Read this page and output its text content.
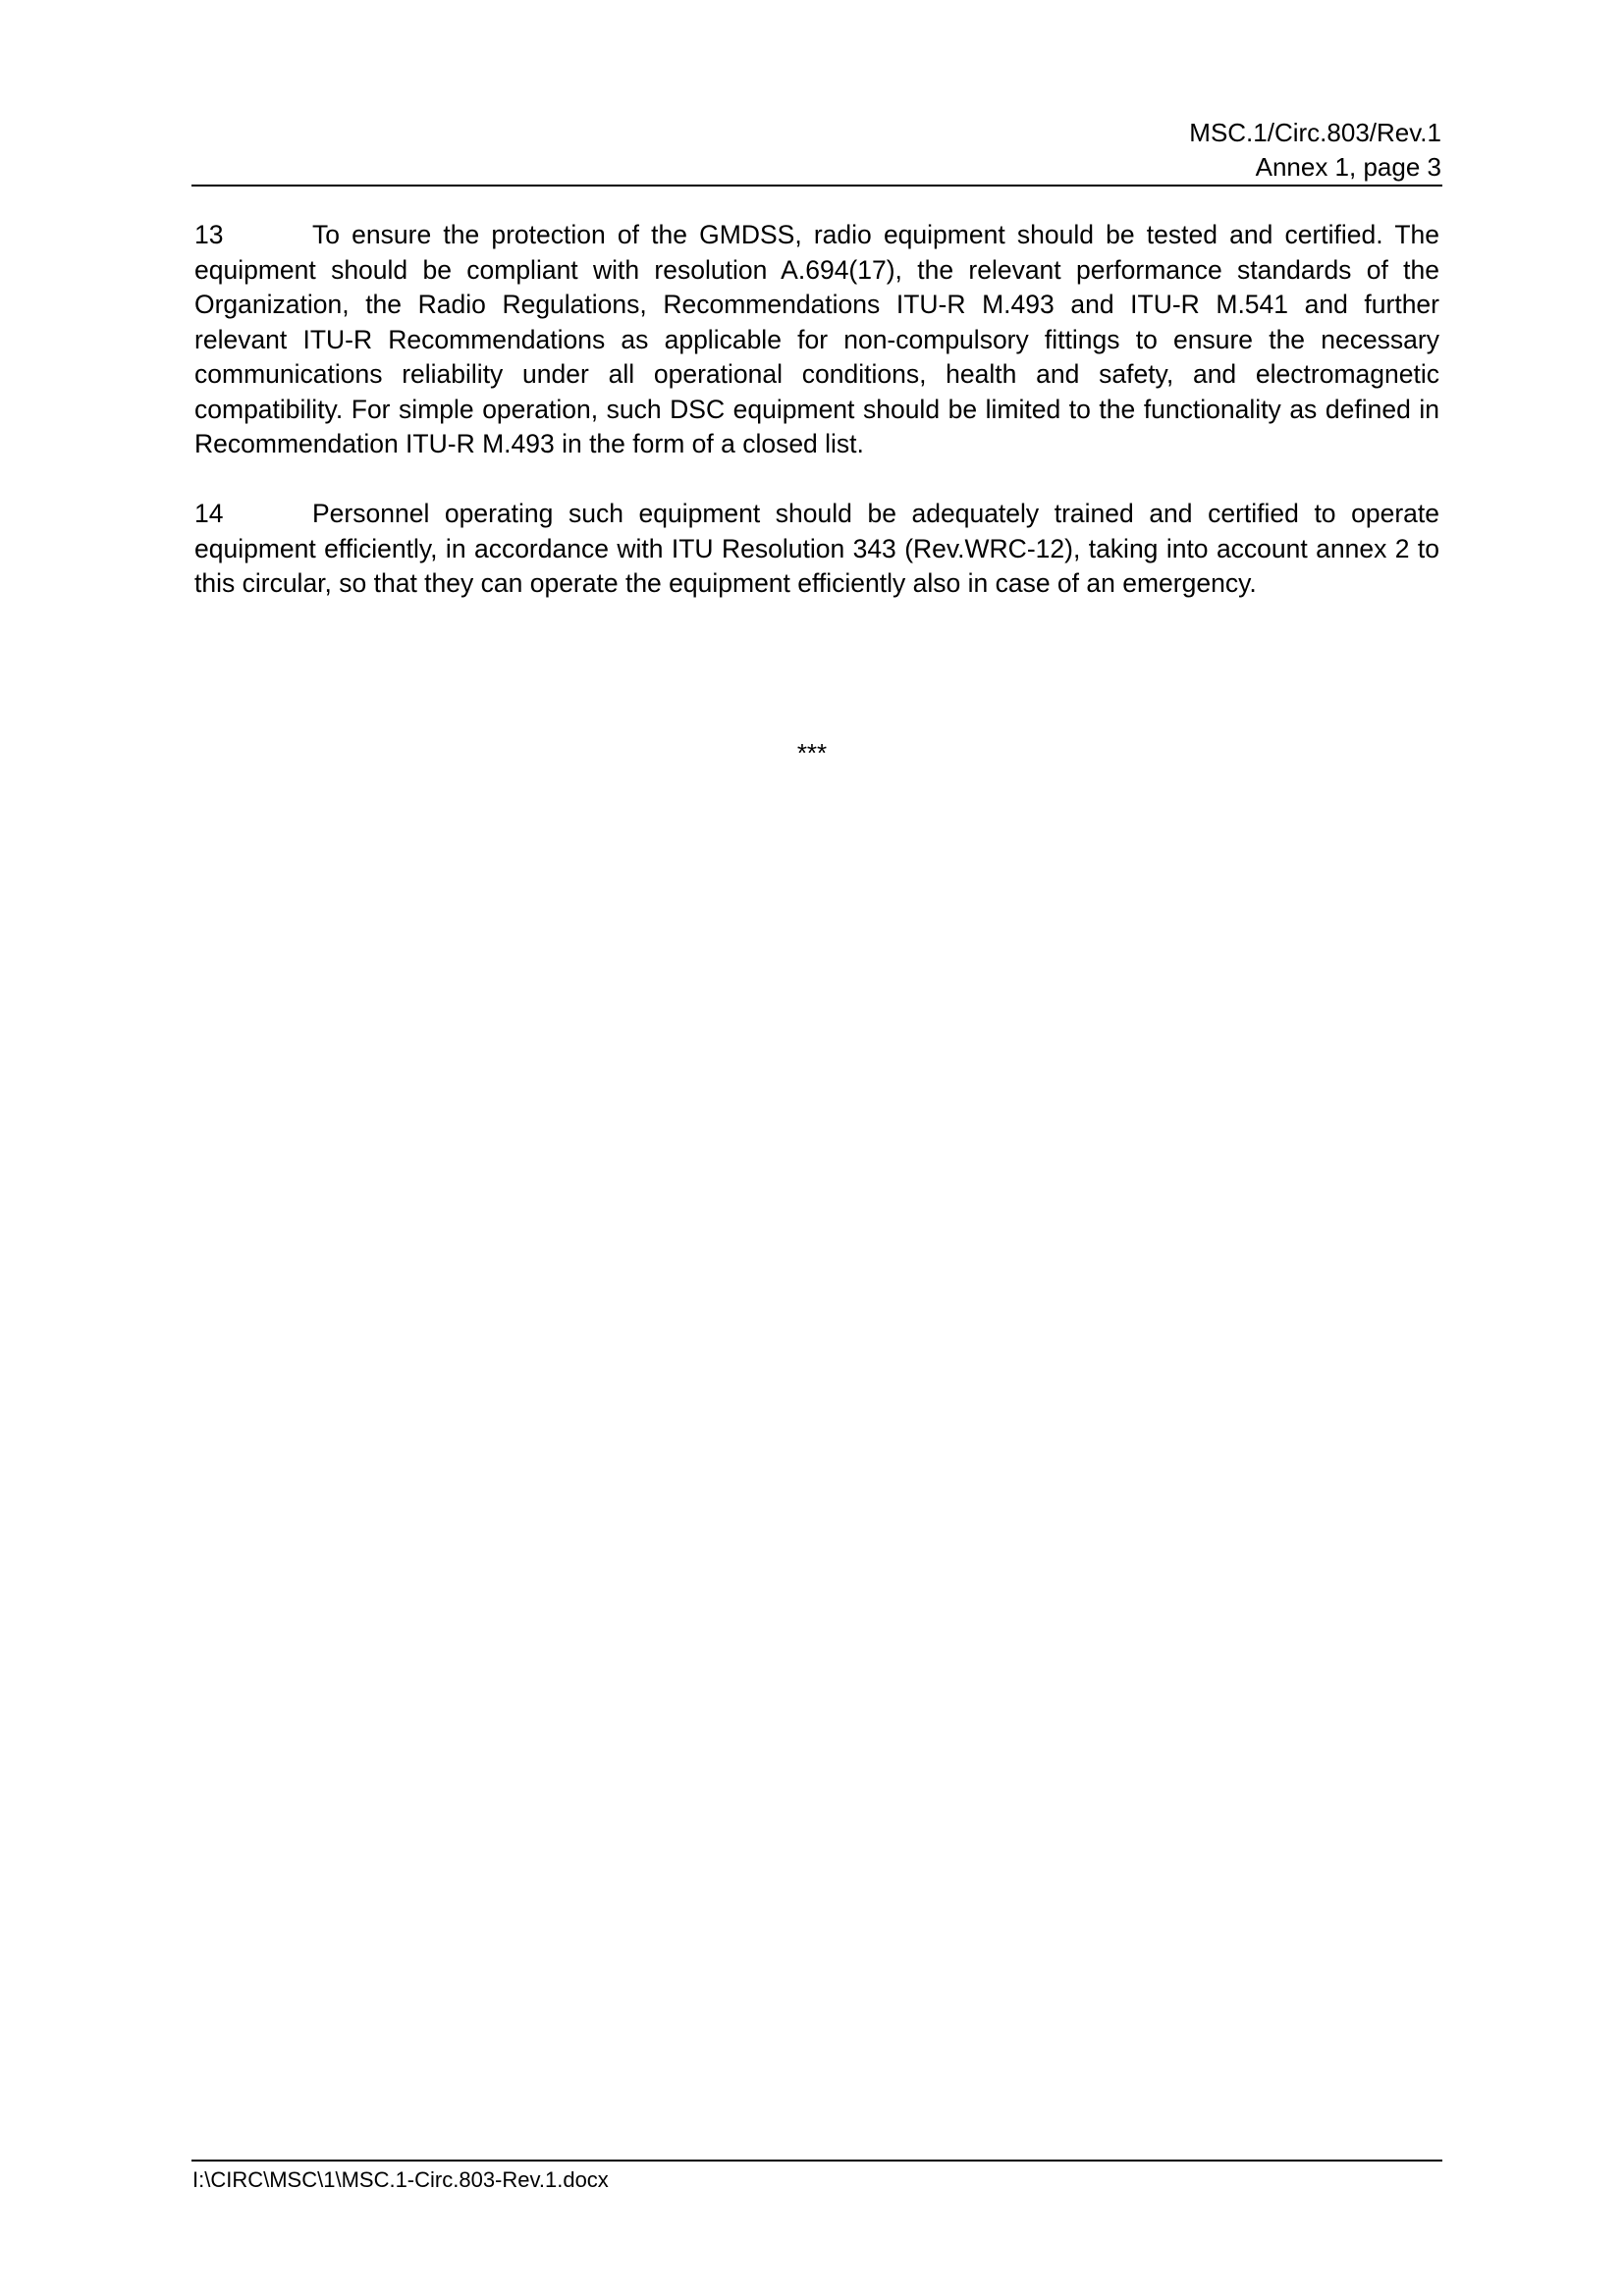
MSC.1/Circ.803/Rev.1
Annex 1, page 3

13	To ensure the protection of the GMDSS, radio equipment should be tested and certified. The equipment should be compliant with resolution A.694(17), the relevant performance standards of the Organization, the Radio Regulations, Recommendations ITU-R M.493 and ITU-R M.541 and further relevant ITU-R Recommendations as applicable for non-compulsory fittings to ensure the necessary communications reliability under all operational conditions, health and safety, and electromagnetic compatibility. For simple operation, such DSC equipment should be limited to the functionality as defined in Recommendation ITU-R M.493 in the form of a closed list.

14	Personnel operating such equipment should be adequately trained and certified to operate equipment efficiently, in accordance with ITU Resolution 343 (Rev.WRC-12), taking into account annex 2 to this circular, so that they can operate the equipment efficiently also in case of an emergency.

***
I:\CIRC\MSC\1\MSC.1-Circ.803-Rev.1.docx
